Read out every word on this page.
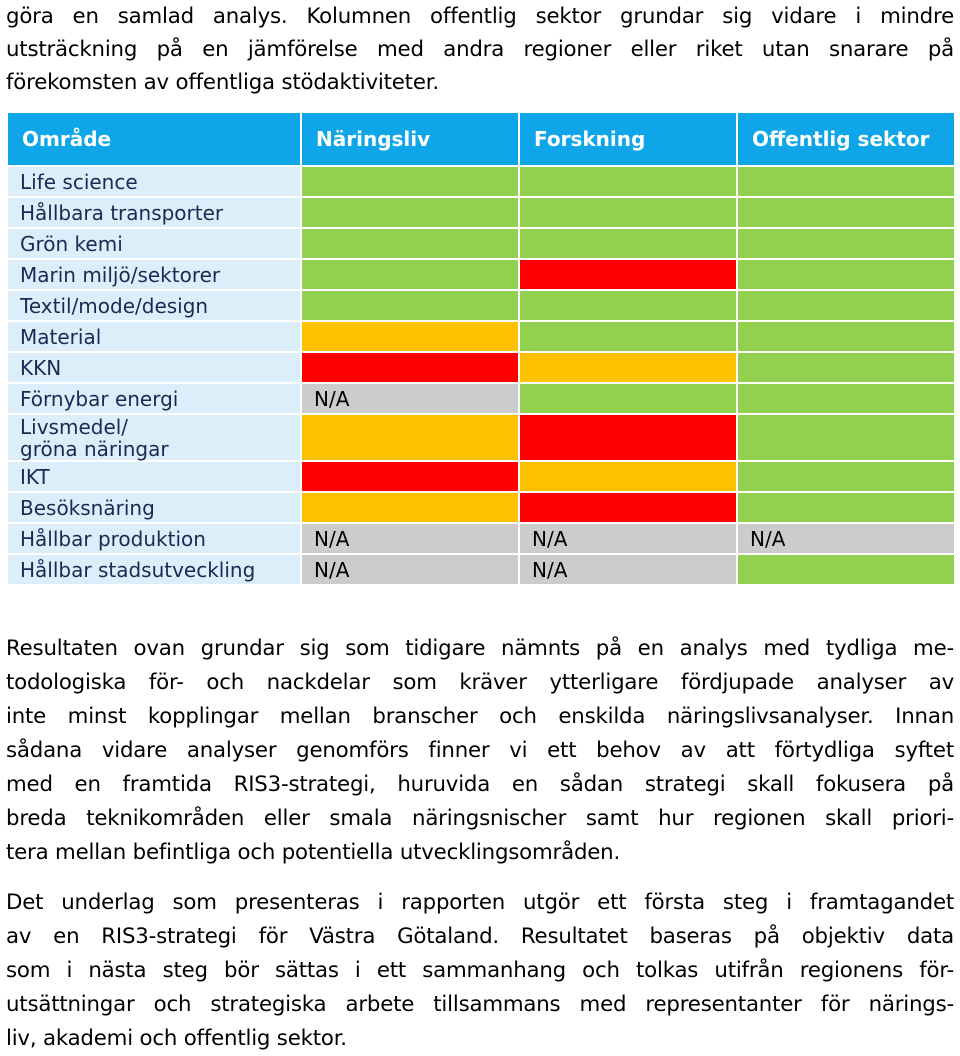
göra en samlad analys. Kolumnen offentlig sektor grundar sig vidare i mindre
utsträckning på en jämförelse med andra regioner eller riket utan snarare på
förekomsten av offentliga stödaktiviteter.
Område	Näringsliv	Forskning	Offentlig sektor
Life science			
Hållbara transporter			
Grön kemi			
Marin miljö/sektorer			
Textil/mode/design			
Material			
KKN			
Förnybar energi	N/A		
Livsmedel/
gröna näringar			
IKT			
Besöksnäring			
Hållbar produktion	N/A	N/A	N/A
Hållbar stadsutveckling	N/A	N/A	
Resultaten ovan grundar sig som tidigare nämnts på en analys med tydliga me-
todologiska för- och nackdelar som kräver ytterligare fördjupade analyser av
inte minst kopplingar mellan branscher och enskilda näringslivsanalyser. Innan
sådana vidare analyser genomförs finner vi ett behov av att förtydliga syftet
med en framtida RIS3-strategi, huruvida en sådan strategi skall fokusera på
breda teknikområden eller smala näringsnischer samt hur regionen skall priori-
tera mellan befintliga och potentiella utvecklingsområden.
Det underlag som presenteras i rapporten utgör ett första steg i framtagandet
av en RIS3-strategi för Västra Götaland. Resultatet baseras på objektiv data
som i nästa steg bör sättas i ett sammanhang och tolkas utifrån regionens för-
utsättningar och strategiska arbete tillsammans med representanter för närings-
liv, akademi och offentlig sektor.
